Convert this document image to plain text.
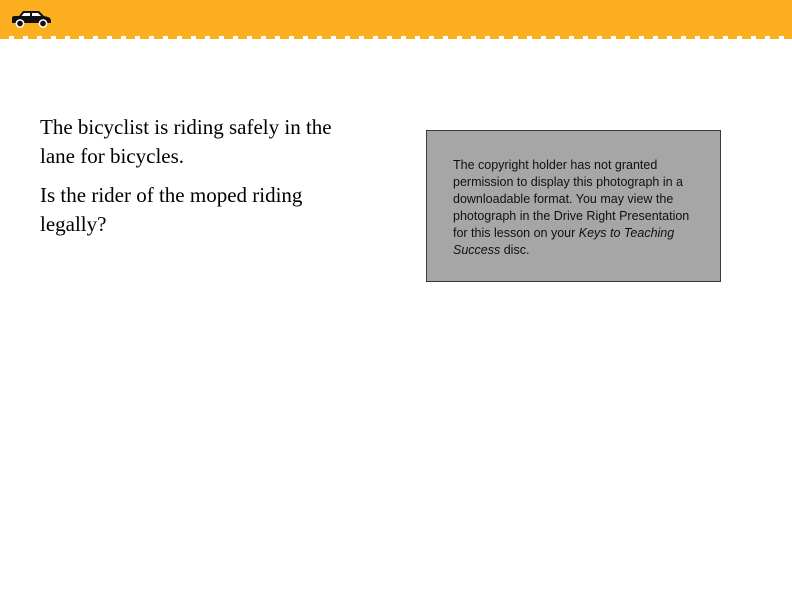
The bicyclist is riding safely in the lane for bicycles.

Is the rider of the moped riding legally?

The copyright holder has not granted permission to display this photograph in a downloadable format. You may view the photograph in the Drive Right Presentation for this lesson on your Keys to Teaching Success disc.
